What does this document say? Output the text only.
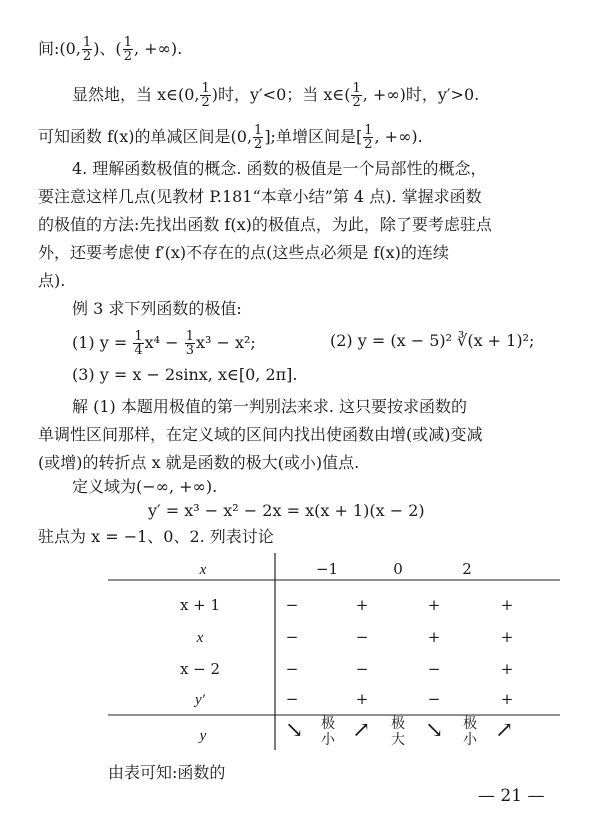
间:(0, $\frac{1}{2}$ )、( $\frac{1}{2}$ , +∞).
显然地，当 x∈(0, $\frac{1}{2}$ )时，y′<0；当 x∈( $\frac{1}{2}$ , +∞)时，y′>0.
可知函数 f(x)的单减区间是(0, $\frac{1}{2}$ ];单增区间是[ $\frac{1}{2}$ , +∞).
4. 理解函数极值的概念. 函数的极值是一个局部性的概念，
要注意这样几点(见教材 P.181“本章小结”第 4 点). 掌握求函数
的极值的方法:先找出函数 f(x)的极值点，为此，除了要考虑驻点
外，还要考虑使 f′(x)不存在的点(这些点必须是 f(x)的连续
点).
例 3 求下列函数的极值:
(1) $y = \frac{1}{4} x^4 - \frac{1}{3} x^3 - x^2$;	(2) y = (x − 5)² ∛(x + 1)²;
(3) y = x − 2sinx, x∈[0, 2π].
解 (1) 本题用极值的第一判别法来求. 这只要按求函数的
单调性区间那样，在定义域的区间内找出使函数由增(或减)变减
(或增)的转折点 x 就是函数的极大(或小)值点.
定义域为(−∞, +∞).
y′ = x³ − x² − 2x = x(x + 1)(x − 2)
驻点为 x = −1、0、2. 列表讨论
x	−1	0	2
x + 1	−	+	+	+
x	−	−	+	+
x − 2	−	−	−	+
y′	−	+	−	+
y	↘ 极小 ↗ 极大 ↘ 极小 ↗
由表可知:函数的
— 21 —
